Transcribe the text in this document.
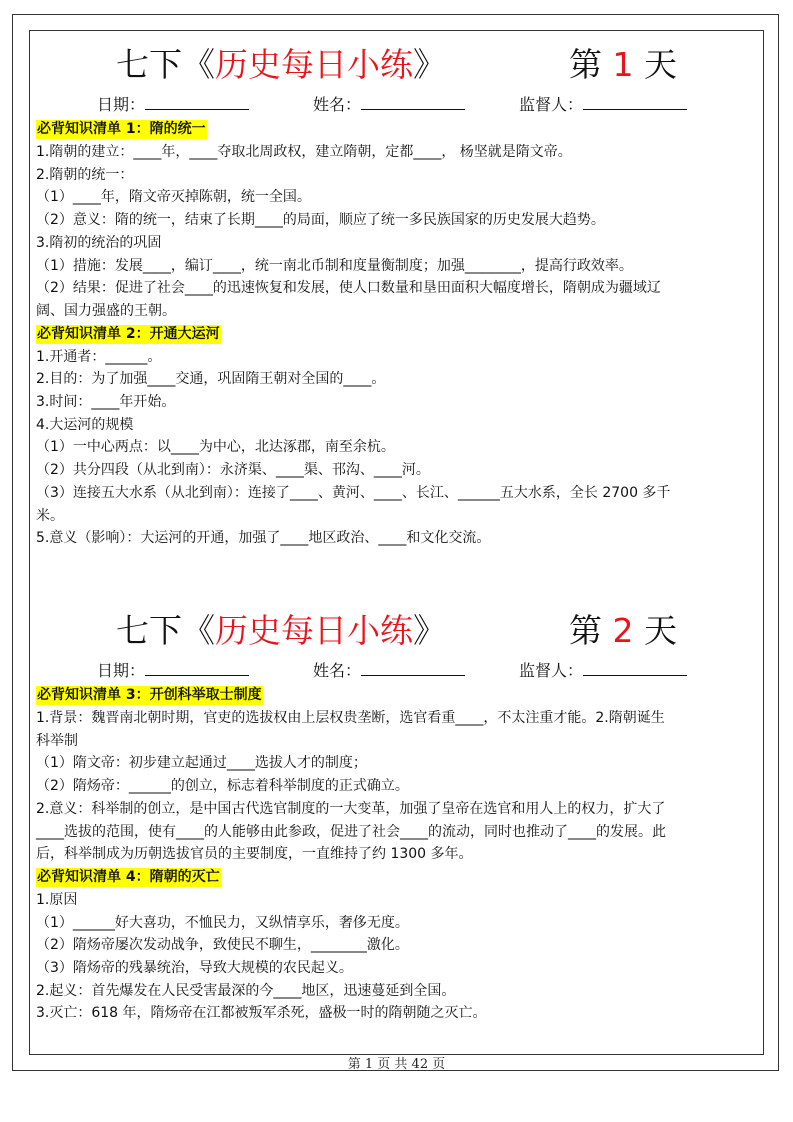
七下《历史每日小练》	第 1 天
日期：	姓名：	监督人：
必背知识清单 1：隋的统一

1.隋朝的建立：____年，____夺取北周政权，建立隋朝，定都____， 杨坚就是隋文帝。

2.隋朝的统一：

（1）____年，隋文帝灭掉陈朝，统一全国。

（2）意义：隋的统一，结束了长期____的局面，顺应了统一多民族国家的历史发展大趋势。

3.隋初的统治的巩固

（1）措施：发展____，编订____，统一南北币制和度量衡制度；加强________，提高行政效率。

（2）结果：促进了社会____的迅速恢复和发展，使人口数量和垦田面积大幅度增长，隋朝成为疆域辽

阔、国力强盛的王朝。

必背知识清单 2：开通大运河

1.开通者：______。

2.目的：为了加强____交通，巩固隋王朝对全国的____。

3.时间：____年开始。

4.大运河的规模

（1）一中心两点：以____为中心，北达涿郡，南至余杭。

（2）共分四段（从北到南）：永济渠、____渠、邗沟、____河。

（3）连接五大水系（从北到南）：连接了____、黄河、____、长江、______五大水系，全长 2700 多千

米。

5.意义（影响）：大运河的开通，加强了____地区政治、____和文化交流。

七下《历史每日小练》	第 2 天
日期：	姓名：	监督人：
必背知识清单 3：开创科举取士制度

1.背景：魏晋南北朝时期，官吏的选拔权由上层权贵垄断，选官看重____，不太注重才能。2.隋朝诞生

科举制

（1）隋文帝：初步建立起通过____选拔人才的制度；

（2）隋炀帝：______的创立，标志着科举制度的正式确立。

2.意义：科举制的创立，是中国古代选官制度的一大变革，加强了皇帝在选官和用人上的权力，扩大了

____选拔的范围，使有____的人能够由此参政，促进了社会____的流动，同时也推动了____的发展。此

后，科举制成为历朝选拔官员的主要制度，一直维持了约 1300 多年。

必背知识清单 4：隋朝的灭亡

1.原因

（1）______好大喜功，不恤民力，又纵情享乐，奢侈无度。

（2）隋炀帝屡次发动战争，致使民不聊生，________激化。

（3）隋炀帝的残暴统治，导致大规模的农民起义。

2.起义：首先爆发在人民受害最深的今____地区，迅速蔓延到全国。

3.灭亡：618 年，隋炀帝在江都被叛军杀死，盛极一时的隋朝随之灭亡。

第 1 页 共 42 页
